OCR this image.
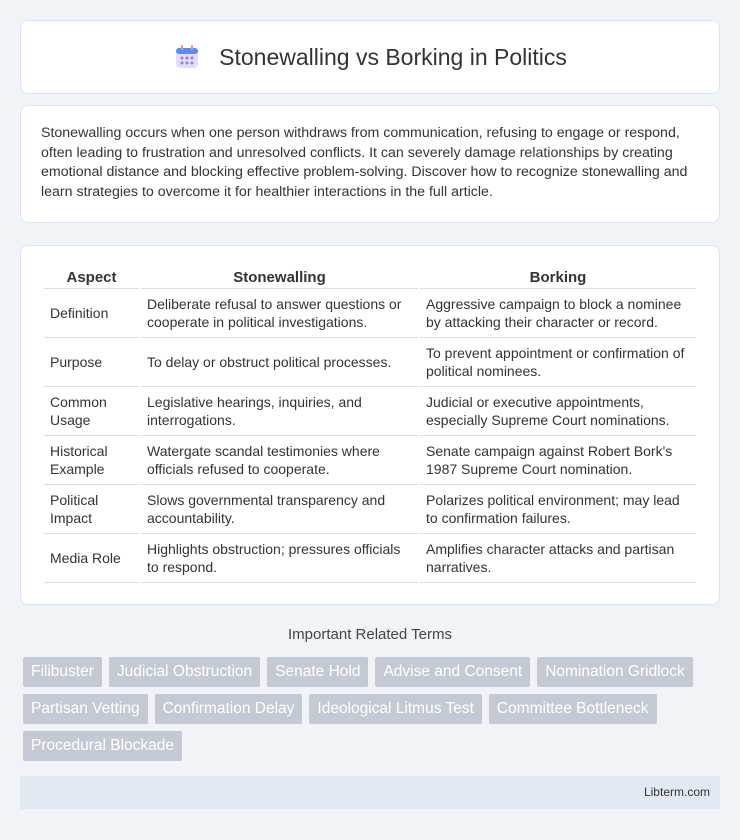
Stonewalling vs Borking in Politics

Stonewalling occurs when one person withdraws from communication, refusing to engage or respond, often leading to frustration and unresolved conflicts. It can severely damage relationships by creating emotional distance and blocking effective problem-solving. Discover how to recognize stonewalling and learn strategies to overcome it for healthier interactions in the full article.

Aspect	Stonewalling	Borking
Definition	Deliberate refusal to answer questions or cooperate in political investigations.	Aggressive campaign to block a nominee by attacking their character or record.
Purpose	To delay or obstruct political processes.	To prevent appointment or confirmation of political nominees.
Common Usage	Legislative hearings, inquiries, and interrogations.	Judicial or executive appointments, especially Supreme Court nominations.
Historical Example	Watergate scandal testimonies where officials refused to cooperate.	Senate campaign against Robert Bork's 1987 Supreme Court nomination.
Political Impact	Slows governmental transparency and accountability.	Polarizes political environment; may lead to confirmation failures.
Media Role	Highlights obstruction; pressures officials to respond.	Amplifies character attacks and partisan narratives.
Important Related Terms
Filibuster	Judicial Obstruction	Senate Hold	Advise and Consent	Nomination Gridlock
Partisan Vetting	Confirmation Delay	Ideological Litmus Test	Committee Bottleneck
Procedural Blockade
Libterm.com
